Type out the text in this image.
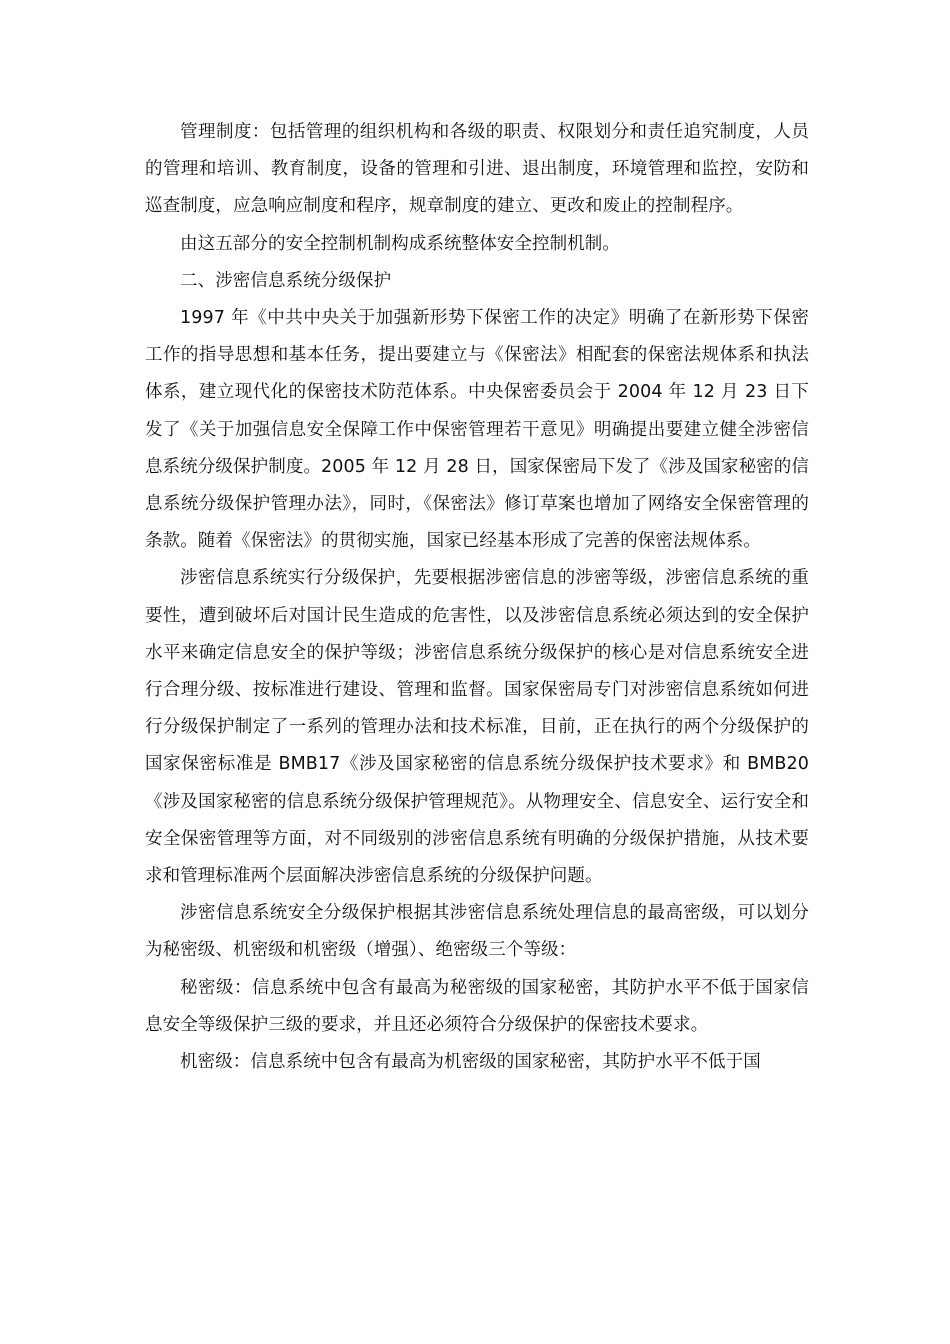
管理制度：包括管理的组织机构和各级的职责、权限划分和责任追究制度，人员的管理和培训、教育制度，设备的管理和引进、退出制度，环境管理和监控，安防和巡查制度，应急响应制度和程序，规章制度的建立、更改和废止的控制程序。

由这五部分的安全控制机制构成系统整体安全控制机制。

二、涉密信息系统分级保护

1997 年《中共中央关于加强新形势下保密工作的决定》明确了在新形势下保密工作的指导思想和基本任务，提出要建立与《保密法》相配套的保密法规体系和执法体系，建立现代化的保密技术防范体系。中央保密委员会于 2004 年 12 月 23 日下发了《关于加强信息安全保障工作中保密管理若干意见》明确提出要建立健全涉密信息系统分级保护制度。2005 年 12 月 28 日，国家保密局下发了《涉及国家秘密的信息系统分级保护管理办法》，同时，《保密法》修订草案也增加了网络安全保密管理的条款。随着《保密法》的贯彻实施，国家已经基本形成了完善的保密法规体系。

涉密信息系统实行分级保护，先要根据涉密信息的涉密等级，涉密信息系统的重要性，遭到破坏后对国计民生造成的危害性，以及涉密信息系统必须达到的安全保护水平来确定信息安全的保护等级；涉密信息系统分级保护的核心是对信息系统安全进行合理分级、按标准进行建设、管理和监督。国家保密局专门对涉密信息系统如何进行分级保护制定了一系列的管理办法和技术标准，目前，正在执行的两个分级保护的国家保密标准是 BMB17《涉及国家秘密的信息系统分级保护技术要求》和 BMB20《涉及国家秘密的信息系统分级保护管理规范》。从物理安全、信息安全、运行安全和安全保密管理等方面，对不同级别的涉密信息系统有明确的分级保护措施，从技术要求和管理标准两个层面解决涉密信息系统的分级保护问题。

涉密信息系统安全分级保护根据其涉密信息系统处理信息的最高密级，可以划分为秘密级、机密级和机密级（增强）、绝密级三个等级：

秘密级：信息系统中包含有最高为秘密级的国家秘密，其防护水平不低于国家信息安全等级保护三级的要求，并且还必须符合分级保护的保密技术要求。

机密级：信息系统中包含有最高为机密级的国家秘密，其防护水平不低于国
